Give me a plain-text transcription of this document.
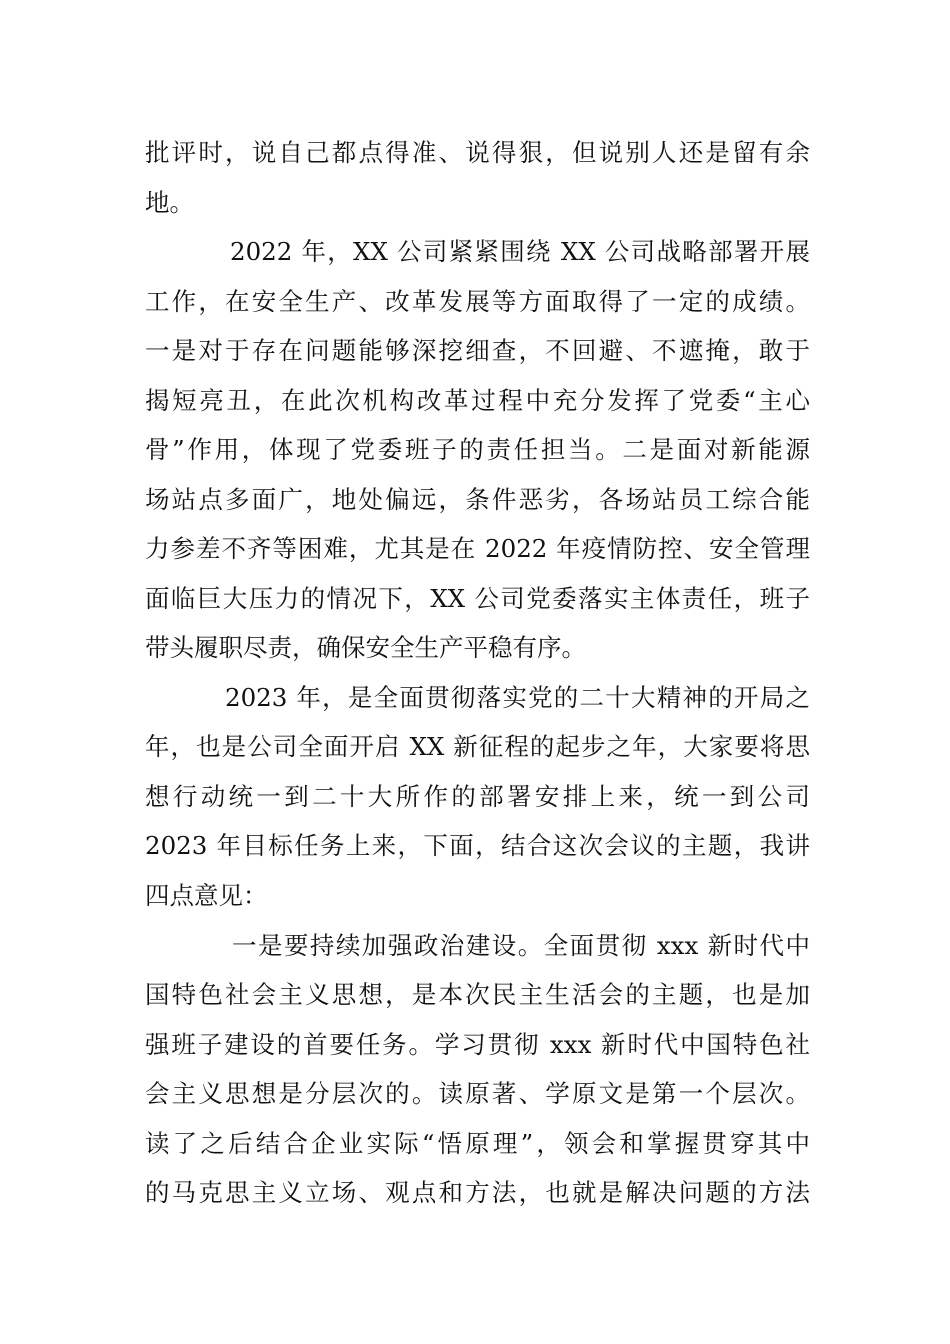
批评时，说自己都点得准、说得狠，但说别人还是留有余
地。
2022 年，XX 公司紧紧围绕 XX 公司战略部署开展
工作，在安全生产、改革发展等方面取得了一定的成绩。
一是对于存在问题能够深挖细查，不回避、不遮掩，敢于
揭短亮丑，在此次机构改革过程中充分发挥了党委“主心
骨”作用，体现了党委班子的责任担当。二是面对新能源
场站点多面广，地处偏远，条件恶劣，各场站员工综合能
力参差不齐等困难，尤其是在 2022 年疫情防控、安全管理
面临巨大压力的情况下，XX 公司党委落实主体责任，班子
带头履职尽责，确保安全生产平稳有序。
2023 年，是全面贯彻落实党的二十大精神的开局之
年，也是公司全面开启 XX 新征程的起步之年，大家要将思
想行动统一到二十大所作的部署安排上来，统一到公司
2023 年目标任务上来，下面，结合这次会议的主题，我讲
四点意见：
一是要持续加强政治建设。全面贯彻 xxx 新时代中
国特色社会主义思想，是本次民主生活会的主题，也是加
强班子建设的首要任务。学习贯彻 xxx 新时代中国特色社
会主义思想是分层次的。读原著、学原文是第一个层次。
读了之后结合企业实际“悟原理”，领会和掌握贯穿其中
的马克思主义立场、观点和方法，也就是解决问题的方法
